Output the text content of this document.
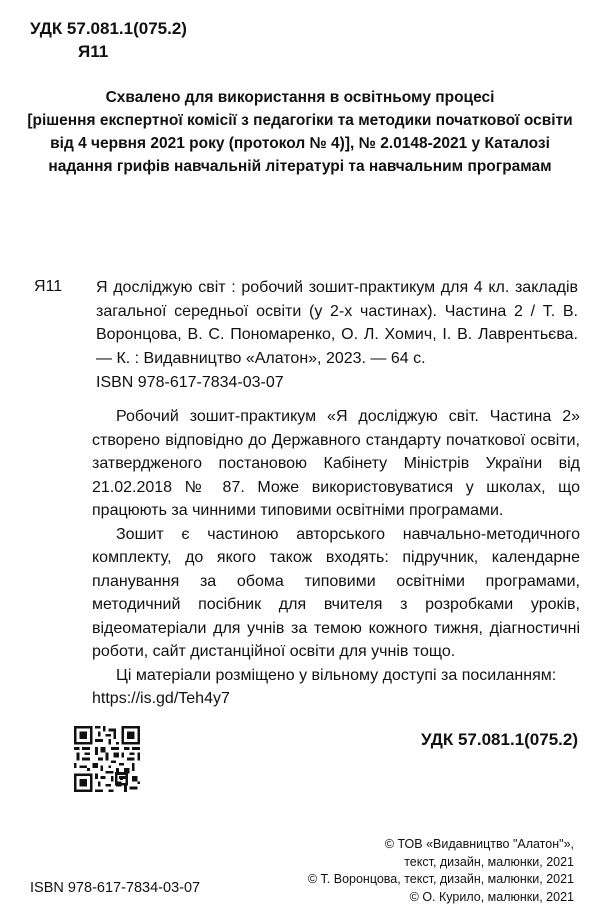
УДК 57.081.1(075.2)
Я11
Схвалено для використання в освітньому процесі
[рішення експертної комісії з педагогіки та методики початкової освіти
від 4 червня 2021 року (протокол № 4)], № 2.0148-2021 у Каталозі
надання грифів навчальній літературі та навчальним програмам
Я11 Я досліджую світ : робочий зошит-практикум для 4 кл. закладів загальної середньої освіти (у 2-х частинах). Частина 2 / Т. В. Воронцова, В. С. Пономаренко, О. Л. Хомич, І. В. Лаврентьєва. — К. : Видавництво «Алатон», 2023. — 64 с.
ISBN 978-617-7834-03-07

Робочий зошит-практикум «Я досліджую світ. Частина 2» створено відповідно до Державного стандарту початкової освіти, затвердженого постановою Кабінету Міністрів України від 21.02.2018 № 87. Може використовуватися у школах, що працюють за чинними типовими освітніми програмами.

Зошит є частиною авторського навчально-методичного комплекту, до якого також входять: підручник, календарне планування за обома типовими освітніми програмами, методичний посібник для вчителя з розробками уроків, відеоматеріали для учнів за темою кожного тижня, діагностичні роботи, сайт дистанційної освіти для учнів тощо.

Ці матеріали розміщено у вільному доступі за посиланням:

https://is.gd/Teh4y7

УДК 57.081.1(075.2)
© ТОВ «Видавництво "Алатон"»,
текст, дизайн, малюнки, 2021
© Т. Воронцова, текст, дизайн, малюнки, 2021
© О. Курило, малюнки, 2021
ISBN 978-617-7834-03-07
